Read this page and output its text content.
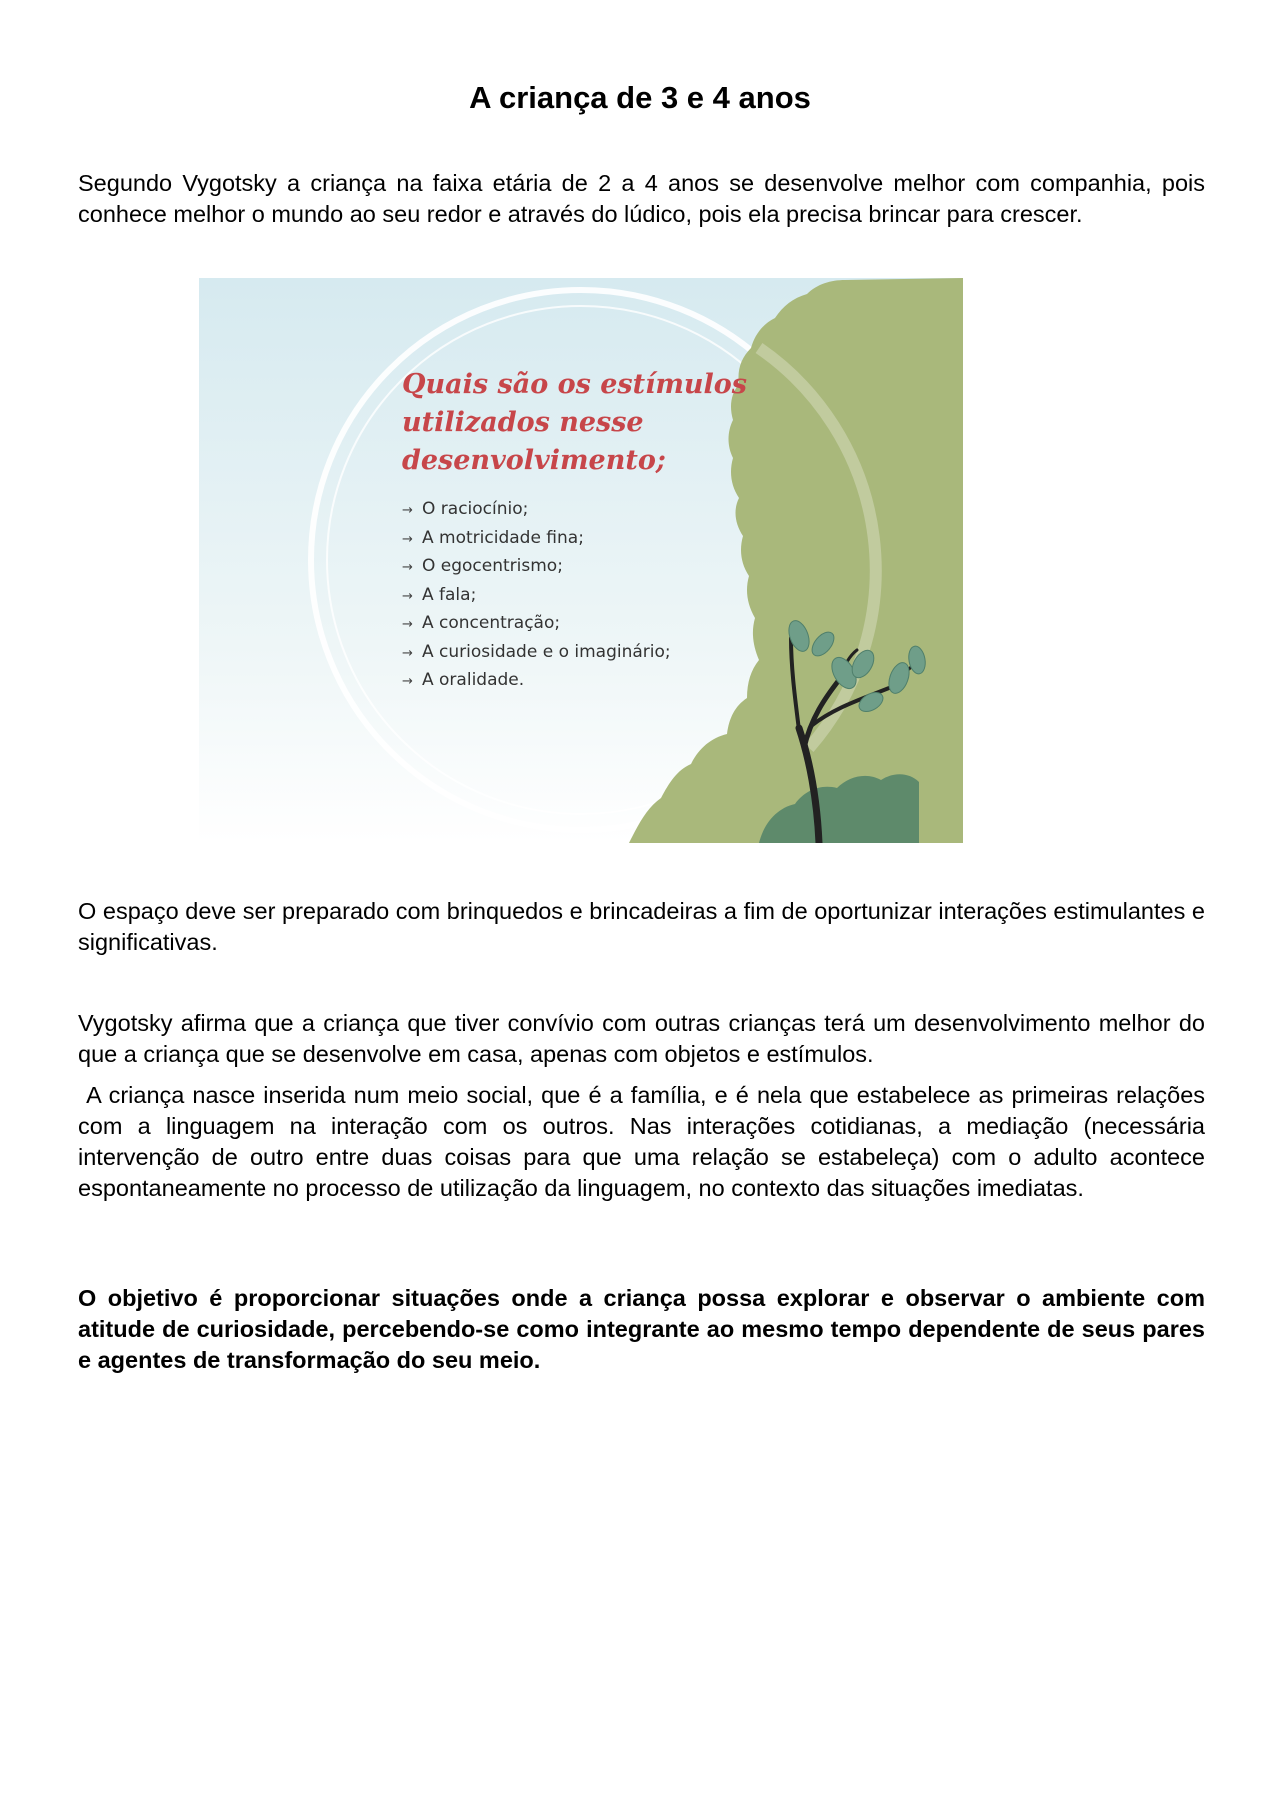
A criança de 3 e 4 anos

Segundo Vygotsky a criança na faixa etária de 2 a 4 anos se desenvolve melhor com companhia, pois conhece melhor o mundo ao seu redor e através do lúdico, pois ela precisa brincar para crescer.

Quais são os estímulos utilizados nesse desenvolvimento;

→ O raciocínio;
→ A motricidade fina;
→ O egocentrismo;
→ A fala;
→ A concentração;
→ A curiosidade e o imaginário;
→ A oralidade.

O espaço deve ser preparado com brinquedos e brincadeiras a fim de oportunizar interações estimulantes e significativas.

Vygotsky afirma que a criança que tiver convívio com outras crianças terá um desenvolvimento melhor do que a criança que se desenvolve em casa, apenas com objetos e estímulos.

A criança nasce inserida num meio social, que é a família, e é nela que estabelece as primeiras relações com a linguagem na interação com os outros. Nas interações cotidianas, a mediação (necessária intervenção de outro entre duas coisas para que uma relação se estabeleça) com o adulto acontece espontaneamente no processo de utilização da linguagem, no contexto das situações imediatas.

O objetivo é proporcionar situações onde a criança possa explorar e observar o ambiente com atitude de curiosidade, percebendo-se como integrante ao mesmo tempo dependente de seus pares e agentes de transformação do seu meio.
